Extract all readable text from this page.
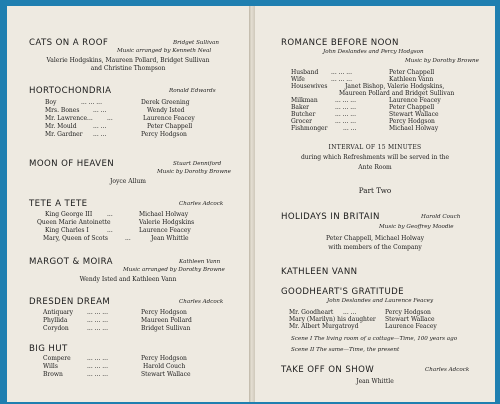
CATS ON A ROOF	Bridget Sullivan
Music arranged by Kenneth Neal
Valerie Hodgskins, Maureen Pollard, Bridget Sullivan
and Christine Thompson
HORTOCHONDRIA	Ronald Edwards
Boy	... ... ...	Derek Greening
Mrs. Bones ... ...	Wendy Isted
Mr. Lawrence... ...	Laurence Feacey
Mr. Mould	... ...	Peter Chappell
Mr. Gardner ... ...	Percy Hodgson
MOON OF HEAVEN	Stuart Denniford
Music by Dorothy Browne
Joyce Allum
TETE A TETE	Charles Adcock
King George III ...	Michael Holway
Queen Marie Antoinette	Valerie Hodgskins
King Charles I	...	Laurence Feacey
Mary, Queen of Scots	...	Jean Whittle
MARGOT & MOIRA	Kathleen Vann
Music arranged by Dorothy Browne
Wendy Isted and Kathleen Vann
DRESDEN DREAM	Charles Adcock
Antiquary ... ... ...	Percy Hodgson
Phyllida	... ... ...	Maureen Pollard
Corydon	... ... ...	Bridget Sullivan
BIG HUT
Compere	... ... ...	Percy Hodgson
Wills	... ... ...	Harold Couch
Brown	... ... ...	Stewart Wallace
ROMANCE BEFORE NOON
John Deslandes and Percy Hodgson
Music by Dorothy Browne
Husband ... ... ...	Peter Chappell
Wife	... ... ...	Kathleen Vann
Housewives	Janet Bishop, Valerie Hodgskins,
Maureen Pollard and Bridget Sullivan
Milkman	... ... ...	Laurence Feacey
Baker	... ... ...	Peter Chappell
Butcher	... ... ...	Stewart Wallace
Grocer	... ... ...	Percy Hodgson
Fishmonger	... ...	Michael Holway
INTERVAL OF 15 MINUTES
during which Refreshments will be served in the
Ante Room
Part Two
HOLIDAYS IN BRITAIN	Harold Couch
Music by Geoffrey Moodie
Peter Chappell, Michael Holway
with members of the Company
KATHLEEN VANN
GOODHEART'S GRATITUDE
John Deslandes and Laurence Feacey
Mr. Goodheart ... ...	Percy Hodgson
Mary (Marilyn) his daughter Stewart Wallace
Mr. Albert Murgatroyd	Laurence Feacey
Scene I The living room of a cottage—Time, 100 years ago
Scene II The same—Time, the present
TAKE OFF ON SHOW	Charles Adcock
Jean Whittle
